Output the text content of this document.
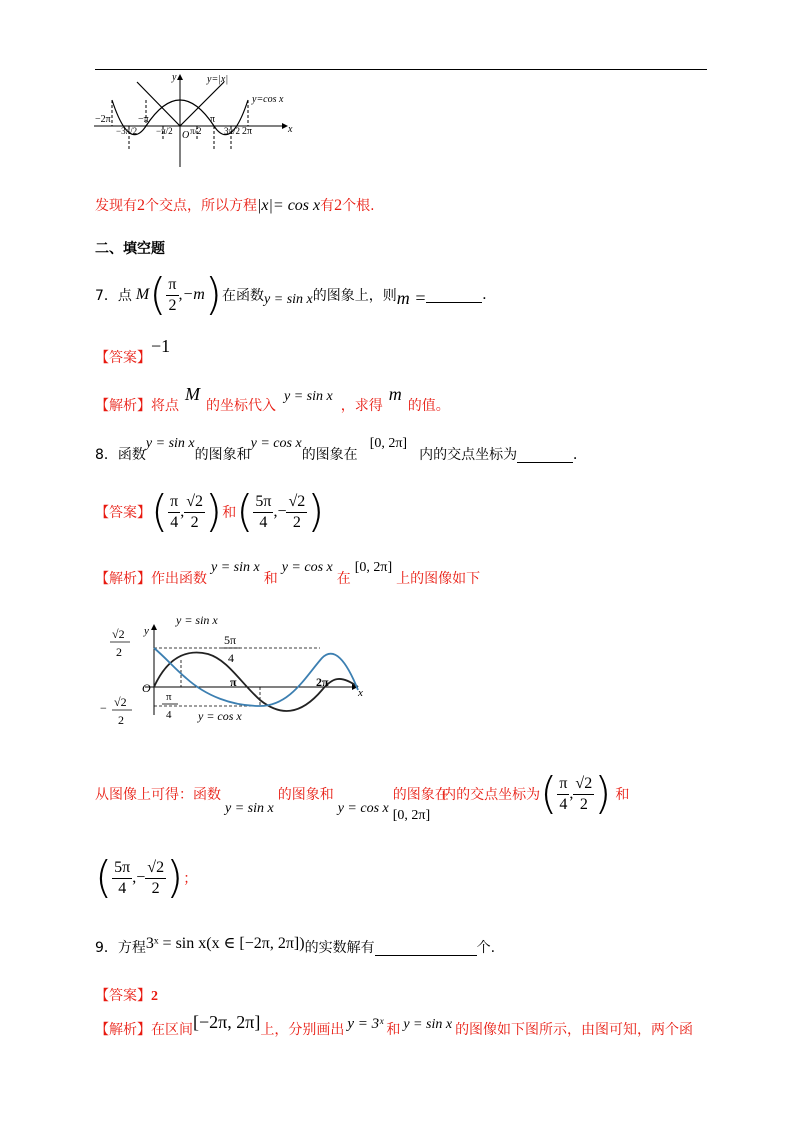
y=|x|
y=cos x
y
x
O
−2π	−π	π
2π
−3π/2 −π/2 π/2 3π/2
发现有2个交点，所以方程|x|= cos x有2个根.
二、填空题
7．点 M ( $\frac{\pi}{2} ,-m$ ) 在函数 y = sin x 的图象上，则 m =	.
【答案】−1
【解析】将点M的坐标代入y = sin x，求得m的值。
8．函数y = sin x的图象和y = cos x的图象在[0, 2π]内的交点坐标为	.
【答案】 ( $\frac{\pi}{4}$ , $\frac{√2}{2}$ ) 和 ( $\frac{5\pi}{4}$ ,− $\frac{√2}{2}$ )
【解析】作出函数y = sin x和y = cos x在[0, 2π]上的图像如下
y = sin x
y = cos x
y
x
O
√2
2
− √2
2
5π
4
π
4
π	2π
从图像上可得：函数
y = sin x
的图象和
y = cos x
的图象在
[0, 2π]
内的交点坐标为 ( $\frac{\pi}{4}$ , $\frac{√2}{2}$ ) 和
( $\frac{5\pi}{4}$ ,− $\frac{√2}{2}$ ) ；
9．方程3ˣ = sin x(x ∈ [−2π, 2π])的实数解有	个.
【答案】2
【解析】在区间[−2π, 2π]上，分别画出 y = 3ˣ 和 y = sin x 的图像如下图所示，由图可知，两个函
